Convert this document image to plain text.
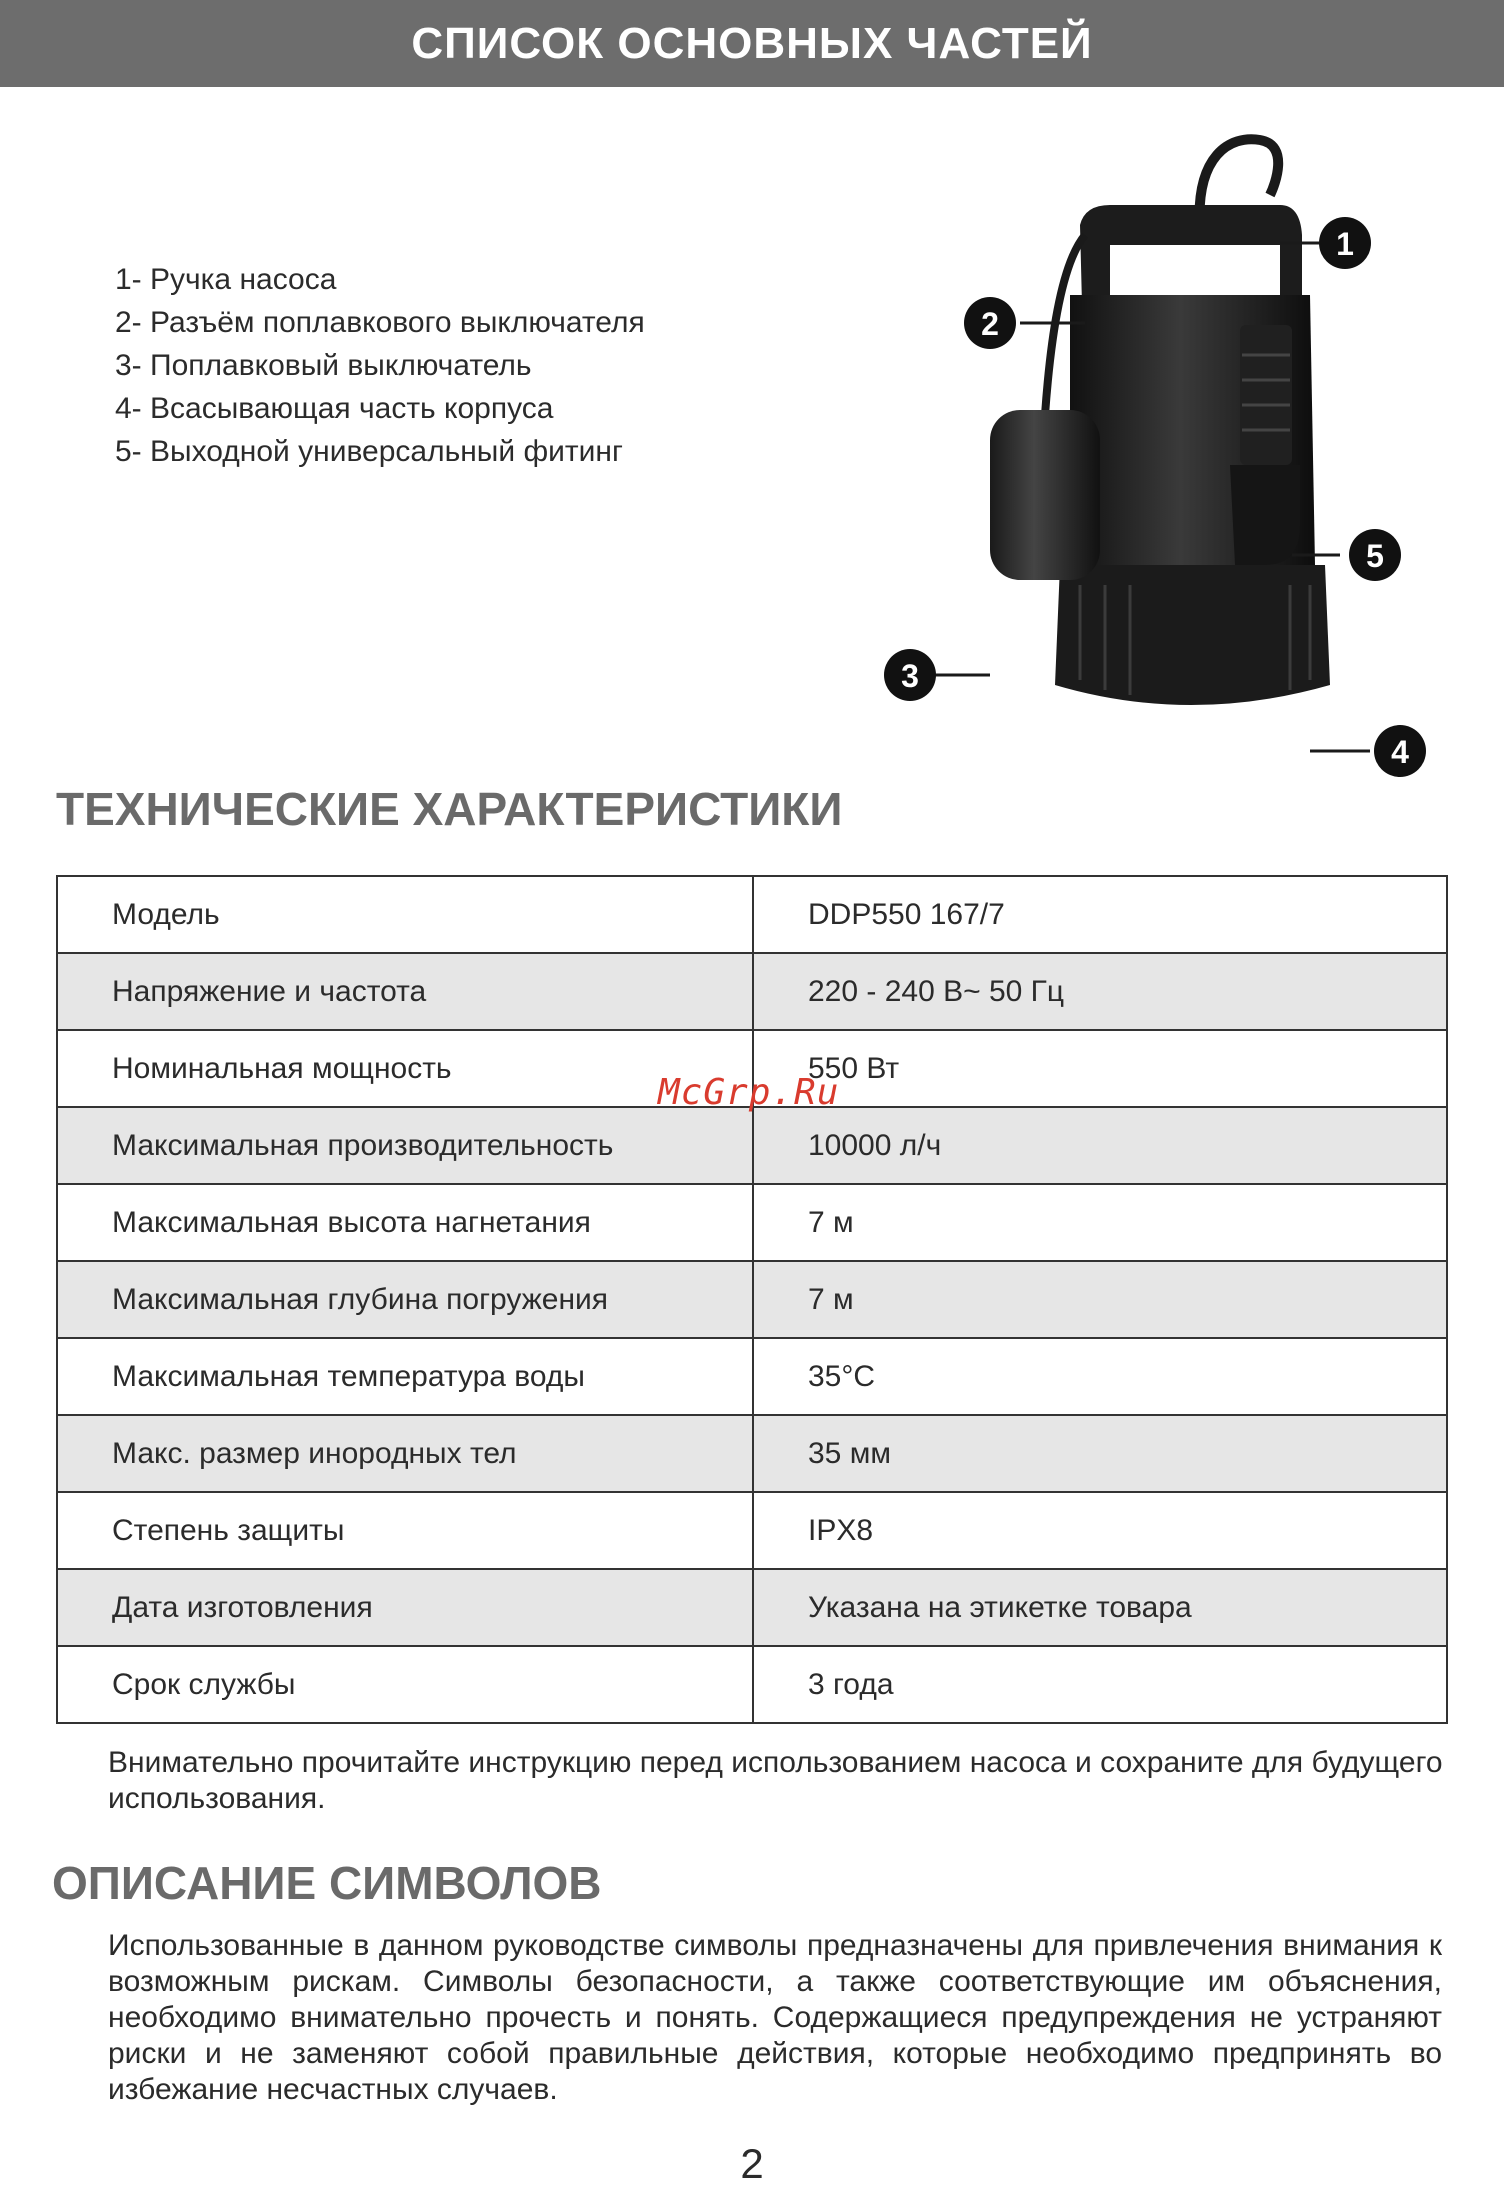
СПИСОК ОСНОВНЫХ ЧАСТЕЙ
1- Ручка насоса
2- Разъём поплавкового выключателя
3- Поплавковый выключатель
4- Всасывающая часть корпуса
5- Выходной универсальный фитинг
1
2
3
4
5
ТЕХНИЧЕСКИЕ ХАРАКТЕРИСТИКИ
Модель	DDP550 167/7
Напряжение и частота	220 - 240 В~ 50 Гц
Номинальная мощность	550 Вт
Максимальная производительность	10000 л/ч
Максимальная высота нагнетания	7 м
Максимальная глубина погружения	7 м
Максимальная температура воды	35°С
Макс. размер инородных тел	35 мм
Степень защиты	IPX8
Дата изготовления	Указана на этикетке товара
Срок службы	3 года
McGrp.Ru

Внимательно прочитайте инструкцию перед использованием насоса и сохраните для будущего использования.

ОПИСАНИЕ СИМВОЛОВ

Использованные в данном руководстве символы предназначены для привлечения внимания к возможным рискам. Символы безопасности, а также соответствующие им объяснения, необходимо внимательно прочесть и понять. Содержащиеся предупреждения не устраняют риски и не заменяют собой правильные действия, которые необходимо предпринять во избежание несчастных случаев.

2
